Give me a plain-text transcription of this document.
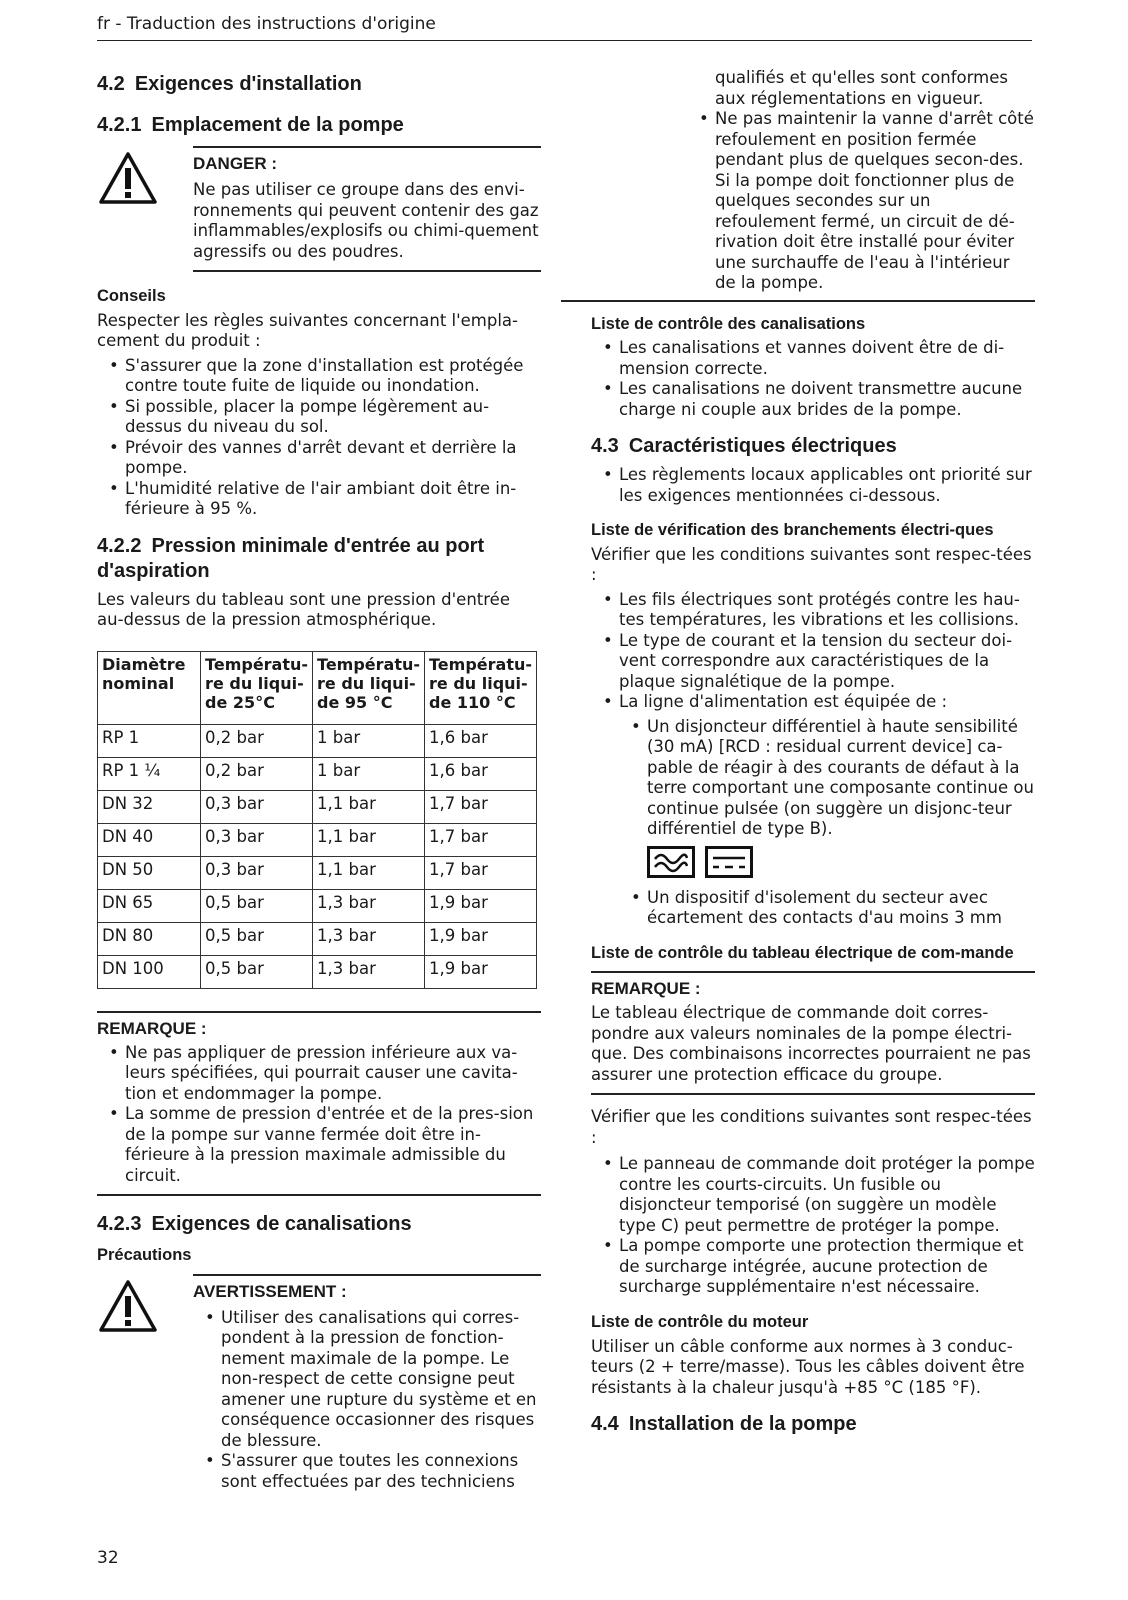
fr - Traduction des instructions d'origine
4.2 Exigences d'installation
4.2.1 Emplacement de la pompe
DANGER :

Ne pas utiliser ce groupe dans des envi-ronnements qui peuvent contenir des gaz inflammables/explosifs ou chimi-quement agressifs ou des poudres.

Conseils

Respecter les règles suivantes concernant l'empla-cement du produit :

• S'assurer que la zone d'installation est protégée contre toute fuite de liquide ou inondation.
• Si possible, placer la pompe légèrement au-dessus du niveau du sol.
• Prévoir des vannes d'arrêt devant et derrière la pompe.
• L'humidité relative de l'air ambiant doit être in-férieure à 95 %.
4.2.2 Pression minimale d'entrée au port d'aspiration

Les valeurs du tableau sont une pression d'entrée au-dessus de la pression atmosphérique.

Diamètre nominal	Températu-re du liqui-de 25°C	Températu-re du liqui-de 95 °C	Températu-re du liqui-de 110 °C
RP 1	0,2 bar	1 bar	1,6 bar
RP 1 ¼	0,2 bar	1 bar	1,6 bar
DN 32	0,3 bar	1,1 bar	1,7 bar
DN 40	0,3 bar	1,1 bar	1,7 bar
DN 50	0,3 bar	1,1 bar	1,7 bar
DN 65	0,5 bar	1,3 bar	1,9 bar
DN 80	0,5 bar	1,3 bar	1,9 bar
DN 100	0,5 bar	1,3 bar	1,9 bar
REMARQUE :
• Ne pas appliquer de pression inférieure aux va-leurs spécifiées, qui pourrait causer une cavita-tion et endommager la pompe.
• La somme de pression d'entrée et de la pres-sion de la pompe sur vanne fermée doit être in-férieure à la pression maximale admissible du circuit.
4.2.3 Exigences de canalisations
Précautions
AVERTISSEMENT :
• Utiliser des canalisations qui corres-pondent à la pression de fonction-nement maximale de la pompe. Le non-respect de cette consigne peut amener une rupture du système et en conséquence occasionner des risques de blessure.
• S'assurer que toutes les connexions sont effectuées par des techniciens

qualifiés et qu'elles sont conformes aux réglementations en vigueur.

• Ne pas maintenir la vanne d'arrêt côté refoulement en position fermée pendant plus de quelques secon-des. Si la pompe doit fonctionner plus de quelques secondes sur un refoulement fermé, un circuit de dé-rivation doit être installé pour éviter une surchauffe de l'eau à l'intérieur de la pompe.
Liste de contrôle des canalisations
• Les canalisations et vannes doivent être de di-mension correcte.
• Les canalisations ne doivent transmettre aucune charge ni couple aux brides de la pompe.
4.3 Caractéristiques électriques
• Les règlements locaux applicables ont priorité sur les exigences mentionnées ci-dessous.
Liste de vérification des branchements électri-ques

Vérifier que les conditions suivantes sont respec-tées :

• Les fils électriques sont protégés contre les hau-tes températures, les vibrations et les collisions.
• Le type de courant et la tension du secteur doi-vent correspondre aux caractéristiques de la plaque signalétique de la pompe.
• La ligne d'alimentation est équipée de :
• Un disjoncteur différentiel à haute sensibilité (30 mA) [RCD : residual current device] ca-pable de réagir à des courants de défaut à la terre comportant une composante continue ou continue pulsée (on suggère un disjonc-teur différentiel de type B).
• Un dispositif d'isolement du secteur avec écartement des contacts d'au moins 3 mm
Liste de contrôle du tableau électrique de com-mande
REMARQUE :

Le tableau électrique de commande doit corres-pondre aux valeurs nominales de la pompe électri-que. Des combinaisons incorrectes pourraient ne pas assurer une protection efficace du groupe.

Vérifier que les conditions suivantes sont respec-tées :

• Le panneau de commande doit protéger la pompe contre les courts-circuits. Un fusible ou disjoncteur temporisé (on suggère un modèle type C) peut permettre de protéger la pompe.
• La pompe comporte une protection thermique et de surcharge intégrée, aucune protection de surcharge supplémentaire n'est nécessaire.
Liste de contrôle du moteur

Utiliser un câble conforme aux normes à 3 conduc-teurs (2 + terre/masse). Tous les câbles doivent être résistants à la chaleur jusqu'à +85 °C (185 °F).

4.4 Installation de la pompe
32
